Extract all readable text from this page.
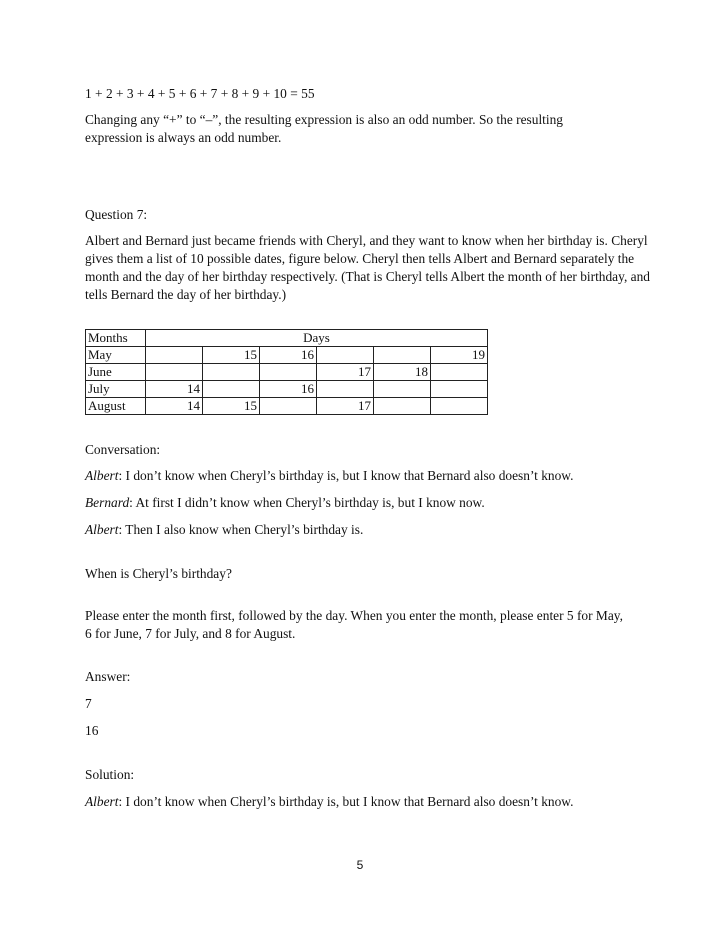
1 + 2 + 3 + 4 + 5 + 6 + 7 + 8 + 9 + 10 = 55

Changing any “+” to “–”, the resulting expression is also an odd number. So the resulting expression is always an odd number.

Question 7:

Albert and Bernard just became friends with Cheryl, and they want to know when her birthday is. Cheryl gives them a list of 10 possible dates, figure below. Cheryl then tells Albert and Bernard separately the month and the day of her birthday respectively. (That is Cheryl tells Albert the month of her birthday, and tells Bernard the day of her birthday.)

Months	Days					
May		15	16			19
June				17	18	
July	14		16			
August	14	15		17		

Conversation:

Albert: I don’t know when Cheryl’s birthday is, but I know that Bernard also doesn’t know.

Bernard: At first I didn’t know when Cheryl’s birthday is, but I know now.

Albert: Then I also know when Cheryl’s birthday is.

When is Cheryl’s birthday?

Please enter the month first, followed by the day. When you enter the month, please enter 5 for May, 6 for June, 7 for July, and 8 for August.

Answer:

7

16

Solution:

Albert: I don’t know when Cheryl’s birthday is, but I know that Bernard also doesn’t know.

5
